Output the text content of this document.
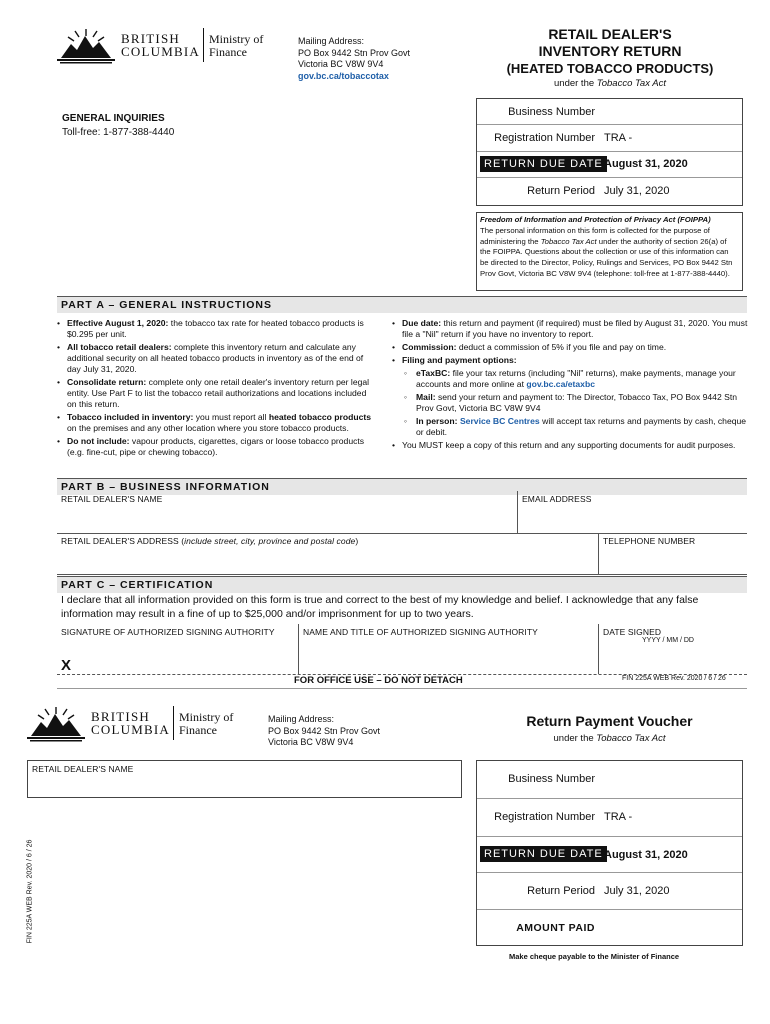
BRITISH
COLUMBIA
Ministry of
Finance
Mailing Address:
PO Box 9442 Stn Prov Govt
Victoria BC V8W 9V4
gov.bc.ca/tobaccotax
RETAIL DEALER'S
INVENTORY RETURN
(HEATED TOBACCO PRODUCTS)
under the Tobacco Tax Act
GENERAL INQUIRIES
Toll-free: 1-877-388-4440
Business Number
Registration Number TRA -
RETURN DUE DATE August 31, 2020
Return Period July 31, 2020
Freedom of Information and Protection of Privacy Act (FOIPPA)
The personal information on this form is collected for the purpose of administering the Tobacco Tax Act under the authority of section 26(a) of the FOIPPA. Questions about the collection or use of this information can be directed to the Director, Policy, Rulings and Services, PO Box 9442 Stn Prov Govt, Victoria BC V8W 9V4 (telephone: toll-free at 1-877-388-4440).
PART A – GENERAL INSTRUCTIONS
• Effective August 1, 2020: the tobacco tax rate for heated tobacco products is $0.295 per unit.
• All tobacco retail dealers: complete this inventory return and calculate any additional security on all heated tobacco products in inventory as of the end of day July 31, 2020.
• Consolidate return: complete only one retail dealer's inventory return per legal entity. Use Part F to list the tobacco retail authorizations and locations included on this return.
• Tobacco included in inventory: you must report all heated tobacco products on the premises and any other location where you store tobacco products.
• Do not include: vapour products, cigarettes, cigars or loose tobacco products (e.g. fine-cut, pipe or chewing tobacco).
• Due date: this return and payment (if required) must be filed by August 31, 2020. You must file a "Nil" return if you have no inventory to report.
• Commission: deduct a commission of 5% if you file and pay on time.
• Filing and payment options:
◦ eTaxBC: file your tax returns (including "Nil" returns), make payments, manage your accounts and more online at gov.bc.ca/etaxbc
◦ Mail: send your return and payment to: The Director, Tobacco Tax, PO Box 9442 Stn Prov Govt, Victoria BC V8W 9V4
◦ In person: Service BC Centres will accept tax returns and payments by cash, cheque or debit.
• You MUST keep a copy of this return and any supporting documents for audit purposes.
PART B – BUSINESS INFORMATION
RETAIL DEALER'S NAME	EMAIL ADDRESS
RETAIL DEALER'S ADDRESS (include street, city, province and postal code)	TELEPHONE NUMBER
PART C – CERTIFICATION
I declare that all information provided on this form is true and correct to the best of my knowledge and belief. I acknowledge that any false information may result in a fine of up to $25,000 and/or imprisonment for up to two years.
SIGNATURE OF AUTHORIZED SIGNING AUTHORITY
X
NAME AND TITLE OF AUTHORIZED SIGNING AUTHORITY	DATE SIGNED
YYYY / MM / DD
FOR OFFICE USE – DO NOT DETACH	FIN 225A WEB Rev. 2020 / 6 / 26
BRITISH
COLUMBIA
Ministry of
Finance
Mailing Address:
PO Box 9442 Stn Prov Govt
Victoria BC V8W 9V4
Return Payment Voucher
under the Tobacco Tax Act
RETAIL DEALER'S NAME
Business Number
Registration Number TRA -
RETURN DUE DATE August 31, 2020
Return Period July 31, 2020
AMOUNT PAID
Make cheque payable to the Minister of Finance
FIN 225A WEB Rev. 2020 / 6 / 26
